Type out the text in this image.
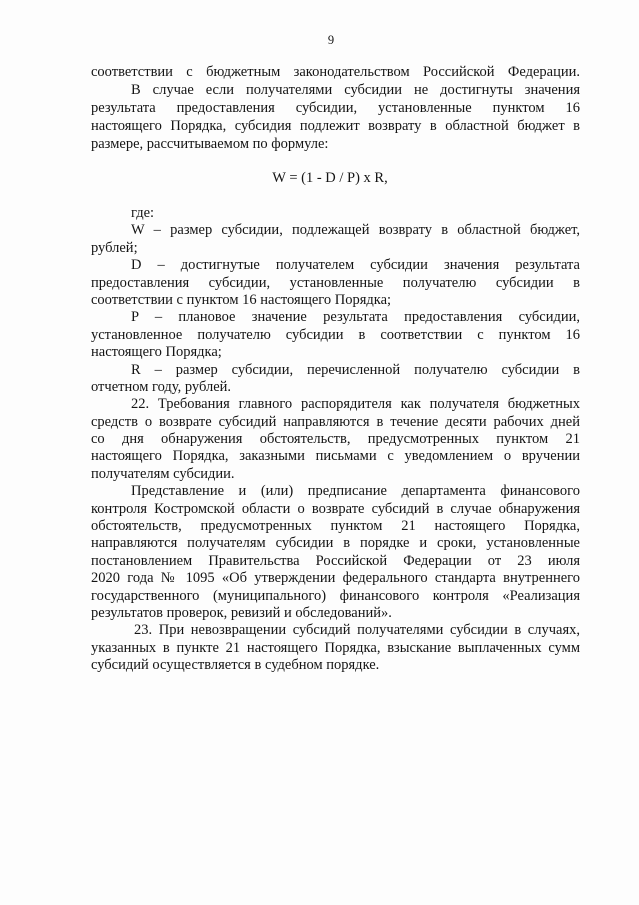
9
соответствии с бюджетным законодательством Российской Федерации.
В случае если получателями субсидии не достигнуты значения
результата предоставления субсидии, установленные пунктом 16
настоящего Порядка, субсидия подлежит возврату в областной бюджет в
размере, рассчитываемом по формуле:
W = (1 - D / P) x R,
где:
W – размер субсидии, подлежащей возврату в областной бюджет,
рублей;
D – достигнутые получателем субсидии значения результата
предоставления субсидии, установленные получателю субсидии в
соответствии с пунктом 16 настоящего Порядка;
P – плановое значение результата предоставления субсидии,
установленное получателю субсидии в соответствии с пунктом 16
настоящего Порядка;
R – размер субсидии, перечисленной получателю субсидии в
отчетном году, рублей.
22. Требования главного распорядителя как получателя бюджетных
средств о возврате субсидий направляются в течение десяти рабочих дней
со дня обнаружения обстоятельств, предусмотренных пунктом 21
настоящего Порядка, заказными письмами с уведомлением о вручении
получателям субсидии.
Представление и (или) предписание департамента финансового
контроля Костромской области о возврате субсидий в случае обнаружения
обстоятельств, предусмотренных пунктом 21 настоящего Порядка,
направляются получателям субсидии в порядке и сроки, установленные
постановлением Правительства Российской Федерации от 23 июля
2020 года № 1095 «Об утверждении федерального стандарта внутреннего
государственного (муниципального) финансового контроля «Реализация
результатов проверок, ревизий и обследований».
23. При невозвращении субсидий получателями субсидии в случаях,
указанных в пункте 21 настоящего Порядка, взыскание выплаченных сумм
субсидий осуществляется в судебном порядке.
